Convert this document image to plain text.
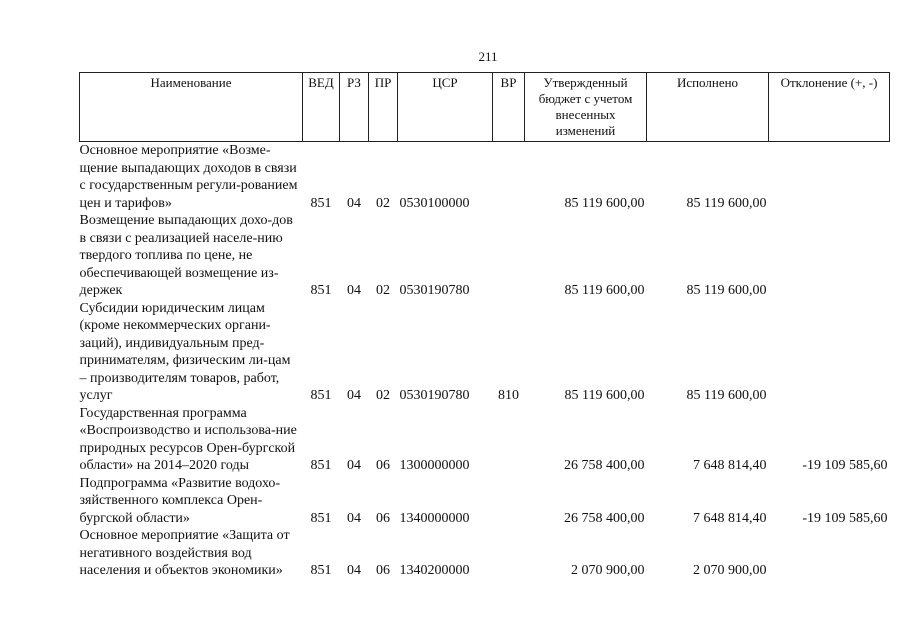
211
Наименование	ВЕД	РЗ	ПР	ЦСР	ВР	Утвержденный бюджет с учетом внесенных изменений	Исполнено	Отклонение (+, -)
Основное мероприятие «Возме-щение выпадающих доходов в связи с государственным регули-рованием цен и тарифов»	851	04	02	0530100000		85 119 600,00	85 119 600,00	
Возмещение выпадающих дохо-дов в связи с реализацией населе-нию твердого топлива по цене, не обеспечивающей возмещение из-держек	851	04	02	0530190780		85 119 600,00	85 119 600,00	
Субсидии юридическим лицам (кроме некоммерческих органи-заций), индивидуальным пред-принимателям, физическим ли-цам – производителям товаров, работ, услуг	851	04	02	0530190780	810	85 119 600,00	85 119 600,00	
Государственная программа «Воспроизводство и использова-ние природных ресурсов Орен-бургской области» на 2014–2020 годы	851	04	06	1300000000		26 758 400,00	7 648 814,40	-19 109 585,60
Подпрограмма «Развитие водохо-зяйственного комплекса Орен-бургской области»	851	04	06	1340000000		26 758 400,00	7 648 814,40	-19 109 585,60
Основное мероприятие «Защита от негативного воздействия вод населения и объектов экономики»	851	04	06	1340200000		2 070 900,00	2 070 900,00	
